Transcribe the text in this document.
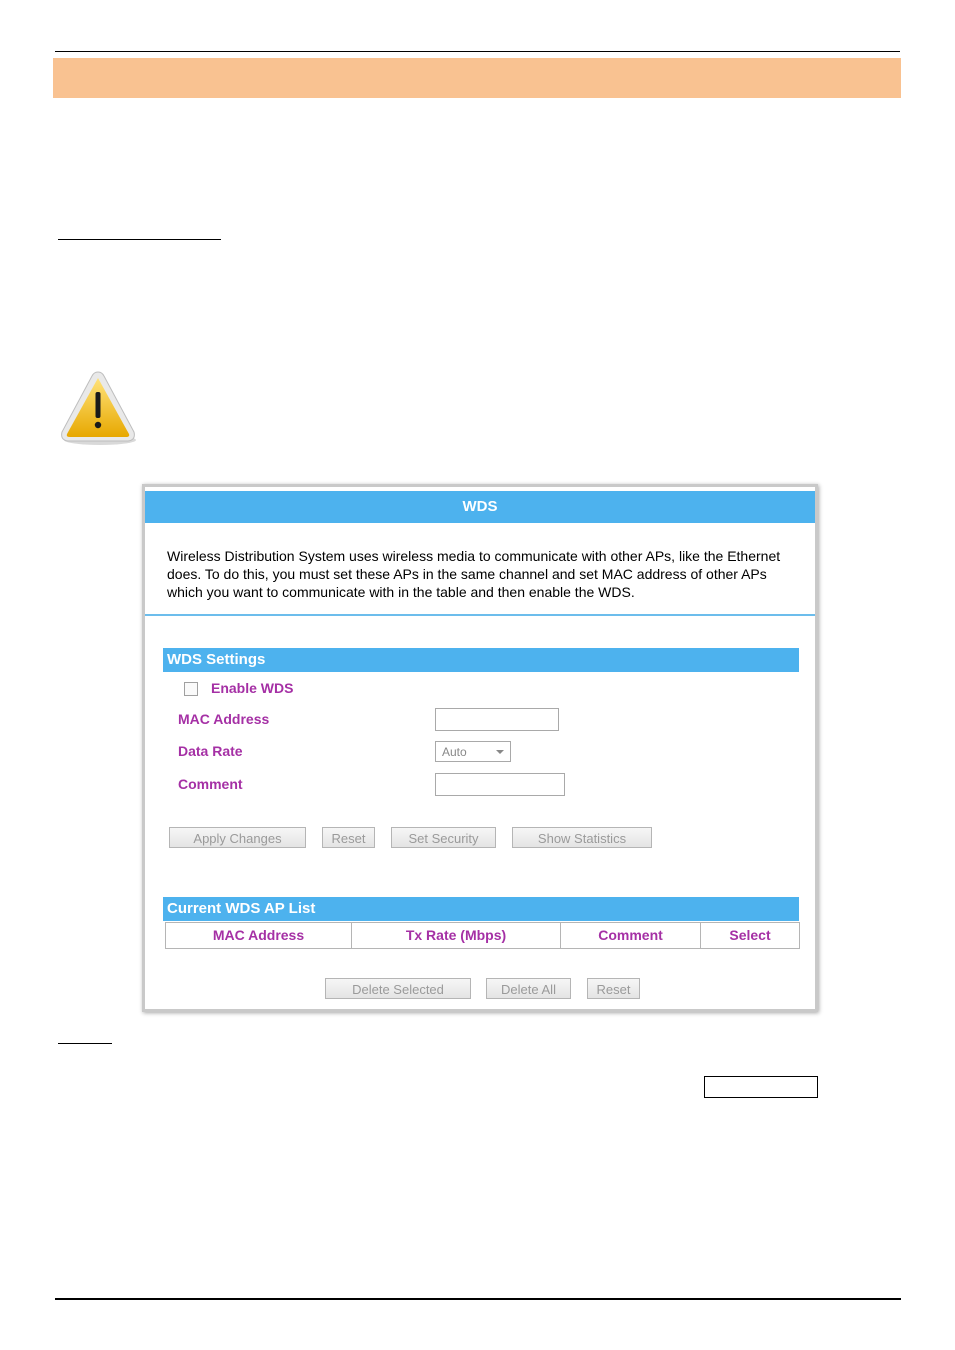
WDS
Wireless Distribution System uses wireless media to communicate with other APs, like the Ethernet does. To do this, you must set these APs in the same channel and set MAC address of other APs which you want to communicate with in the table and then enable the WDS.
WDS Settings
Enable WDS
MAC Address
Data Rate	Auto
Comment
Apply Changes	Reset	Set Security	Show Statistics
Current WDS AP List
MAC Address	Tx Rate (Mbps)	Comment	Select
Delete Selected	Delete All	Reset
